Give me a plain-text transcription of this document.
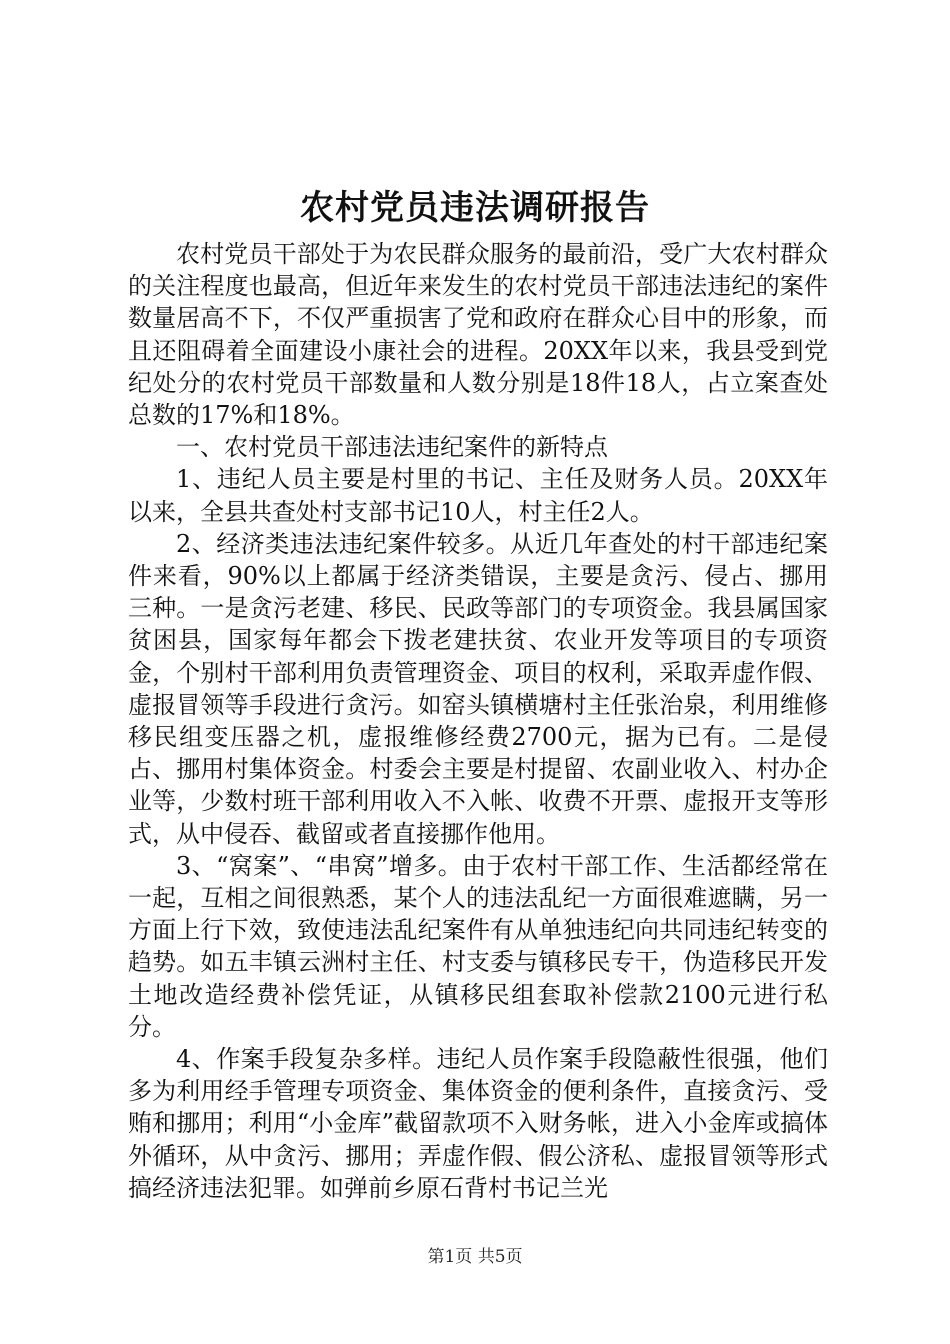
农村党员违法调研报告

农村党员干部处于为农民群众服务的最前沿，受广大农村群众的关注程度也最高，但近年来发生的农村党员干部违法违纪的案件数量居高不下，不仅严重损害了党和政府在群众心目中的形象，而且还阻碍着全面建设小康社会的进程。20XX年以来，我县受到党纪处分的农村党员干部数量和人数分别是18件18人，占立案查处总数的17%和18%。

一、农村党员干部违法违纪案件的新特点

1、违纪人员主要是村里的书记、主任及财务人员。20XX年以来，全县共查处村支部书记10人，村主任2人。

2、经济类违法违纪案件较多。从近几年查处的村干部违纪案件来看，90%以上都属于经济类错误，主要是贪污、侵占、挪用三种。一是贪污老建、移民、民政等部门的专项资金。我县属国家贫困县，国家每年都会下拨老建扶贫、农业开发等项目的专项资金，个别村干部利用负责管理资金、项目的权利，采取弄虚作假、虚报冒领等手段进行贪污。如窑头镇横塘村主任张治泉，利用维修移民组变压器之机，虚报维修经费2700元，据为已有。二是侵占、挪用村集体资金。村委会主要是村提留、农副业收入、村办企业等，少数村班干部利用收入不入帐、收费不开票、虚报开支等形式，从中侵吞、截留或者直接挪作他用。

3、“窝案”、“串窝”增多。由于农村干部工作、生活都经常在一起，互相之间很熟悉，某个人的违法乱纪一方面很难遮瞒，另一方面上行下效，致使违法乱纪案件有从单独违纪向共同违纪转变的趋势。如五丰镇云洲村主任、村支委与镇移民专干，伪造移民开发土地改造经费补偿凭证，从镇移民组套取补偿款2100元进行私分。

4、作案手段复杂多样。违纪人员作案手段隐蔽性很强，他们多为利用经手管理专项资金、集体资金的便利条件，直接贪污、受贿和挪用；利用“小金库”截留款项不入财务帐，进入小金库或搞体外循环，从中贪污、挪用；弄虚作假、假公济私、虚报冒领等形式搞经济违法犯罪。如弹前乡原石背村书记兰光

第1页 共5页
